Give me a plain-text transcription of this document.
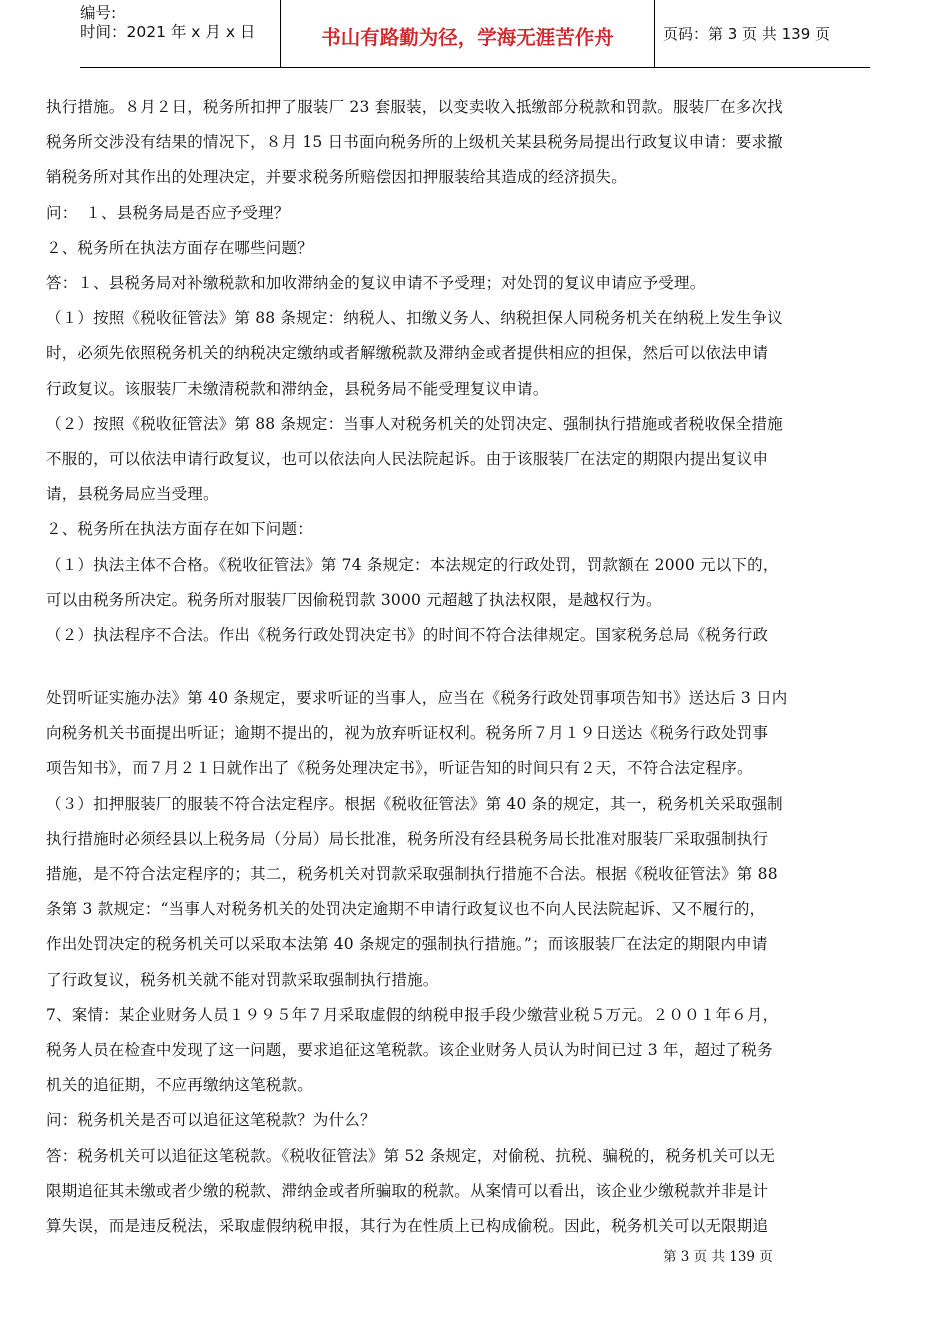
编号:
时间：2021 年 x 月 x 日	书山有路勤为径，学海无涯苦作舟	页码：第 3 页 共 139 页

执行措施。８月２日，税务所扣押了服装厂 23 套服装，以变卖收入抵缴部分税款和罚款。服装厂在多次找

税务所交涉没有结果的情况下，８月 15 日书面向税务所的上级机关某县税务局提出行政复议申请：要求撤

销税务所对其作出的处理决定，并要求税务所赔偿因扣押服装给其造成的经济损失。

问：　１、县税务局是否应予受理？

２、税务所在执法方面存在哪些问题？

答：１、县税务局对补缴税款和加收滞纳金的复议申请不予受理；对处罚的复议申请应予受理。

（１）按照《税收征管法》第 88 条规定：纳税人、扣缴义务人、纳税担保人同税务机关在纳税上发生争议

时，必须先依照税务机关的纳税决定缴纳或者解缴税款及滞纳金或者提供相应的担保，然后可以依法申请

行政复议。该服装厂未缴清税款和滞纳金，县税务局不能受理复议申请。

（２）按照《税收征管法》第 88 条规定：当事人对税务机关的处罚决定、强制执行措施或者税收保全措施

不服的，可以依法申请行政复议，也可以依法向人民法院起诉。由于该服装厂在法定的期限内提出复议申

请，县税务局应当受理。

２、税务所在执法方面存在如下问题：

（１）执法主体不合格。《税收征管法》第 74 条规定：本法规定的行政处罚，罚款额在 2000 元以下的，

可以由税务所决定。税务所对服装厂因偷税罚款 3000 元超越了执法权限，是越权行为。

（２）执法程序不合法。作出《税务行政处罚决定书》的时间不符合法律规定。国家税务总局《税务行政

处罚听证实施办法》第 40 条规定，要求听证的当事人，应当在《税务行政处罚事项告知书》送达后 3 日内

向税务机关书面提出听证；逾期不提出的，视为放弃听证权利。税务所７月１９日送达《税务行政处罚事

项告知书》，而７月２１日就作出了《税务处理决定书》，听证告知的时间只有２天，不符合法定程序。

（３）扣押服装厂的服装不符合法定程序。根据《税收征管法》第 40 条的规定，其一，税务机关采取强制

执行措施时必须经县以上税务局（分局）局长批准，税务所没有经县税务局长批准对服装厂采取强制执行

措施，是不符合法定程序的；其二，税务机关对罚款采取强制执行措施不合法。根据《税收征管法》第 88

条第 3 款规定：“当事人对税务机关的处罚决定逾期不申请行政复议也不向人民法院起诉、又不履行的，

作出处罚决定的税务机关可以采取本法第 40 条规定的强制执行措施。”；而该服装厂在法定的期限内申请

了行政复议，税务机关就不能对罚款采取强制执行措施。

7、案情：某企业财务人员１９９５年７月采取虚假的纳税申报手段少缴营业税５万元。２００１年６月，

税务人员在检查中发现了这一问题，要求追征这笔税款。该企业财务人员认为时间已过 3 年，超过了税务

机关的追征期，不应再缴纳这笔税款。

问：税务机关是否可以追征这笔税款？为什么？

答：税务机关可以追征这笔税款。《税收征管法》第 52 条规定，对偷税、抗税、骗税的，税务机关可以无

限期追征其未缴或者少缴的税款、滞纳金或者所骗取的税款。从案情可以看出，该企业少缴税款并非是计

算失误，而是违反税法，采取虚假纳税申报，其行为在性质上已构成偷税。因此，税务机关可以无限期追

第 3 页 共 139 页
